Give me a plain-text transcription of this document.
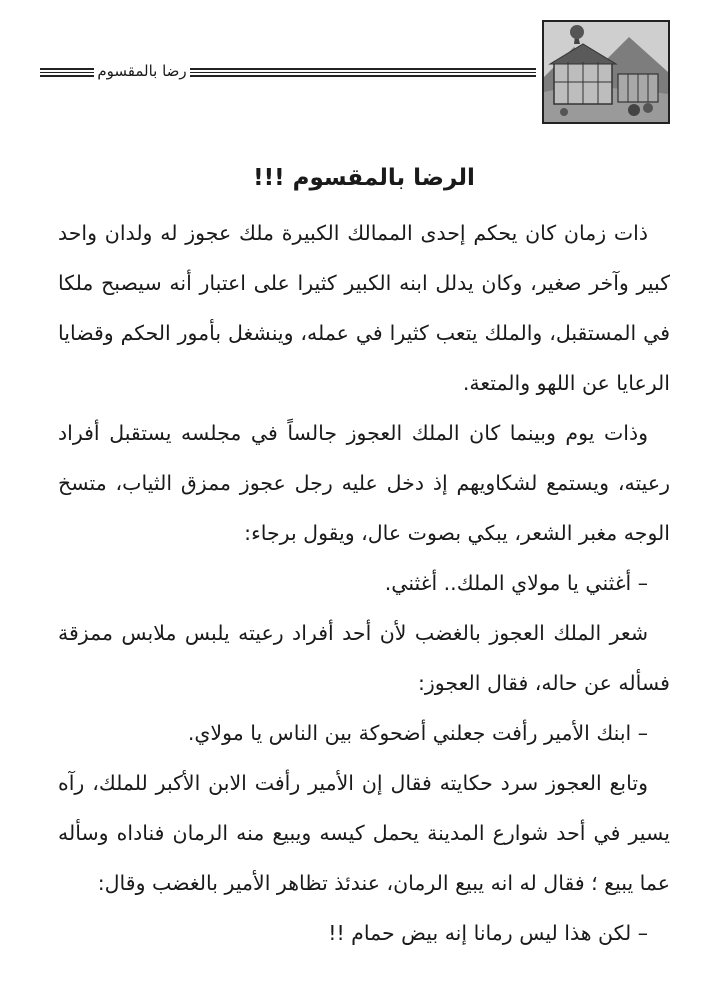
رضا بالمقسوم

الرضا بالمقسوم !!!

ذات زمان كان يحكم إحدى الممالك الكبيرة ملك عجوز له ولدان واحد كبير وآخر صغير، وكان يدلل ابنه الكبير كثيرا على اعتبار أنه سيصبح ملكا في المستقبل، والملك يتعب كثيرا في عمله، وينشغل بأمور الحكم وقضايا الرعايا عن اللهو والمتعة.

وذات يوم وبينما كان الملك العجوز جالساً في مجلسه يستقبل أفراد رعيته، ويستمع لشكاويهم إذ دخل عليه رجل عجوز ممزق الثياب، متسخ الوجه مغبر الشعر، يبكي بصوت عال، ويقول برجاء:

– أغثني يا مولاي الملك.. أغثني.

شعر الملك العجوز بالغضب لأن أحد أفراد رعيته يلبس ملابس ممزقة فسأله عن حاله، فقال العجوز:

– ابنك الأمير رأفت جعلني أضحوكة بين الناس يا مولاي.

وتابع العجوز سرد حكايته فقال إن الأمير رأفت الابن الأكبر للملك، رآه يسير في أحد شوارع المدينة يحمل كيسه ويبيع منه الرمان فناداه وسأله عما يبيع ؛ فقال له انه يبيع الرمان، عندئذ تظاهر الأمير بالغضب وقال:

– لكن هذا ليس رمانا إنه بيض حمام !!
